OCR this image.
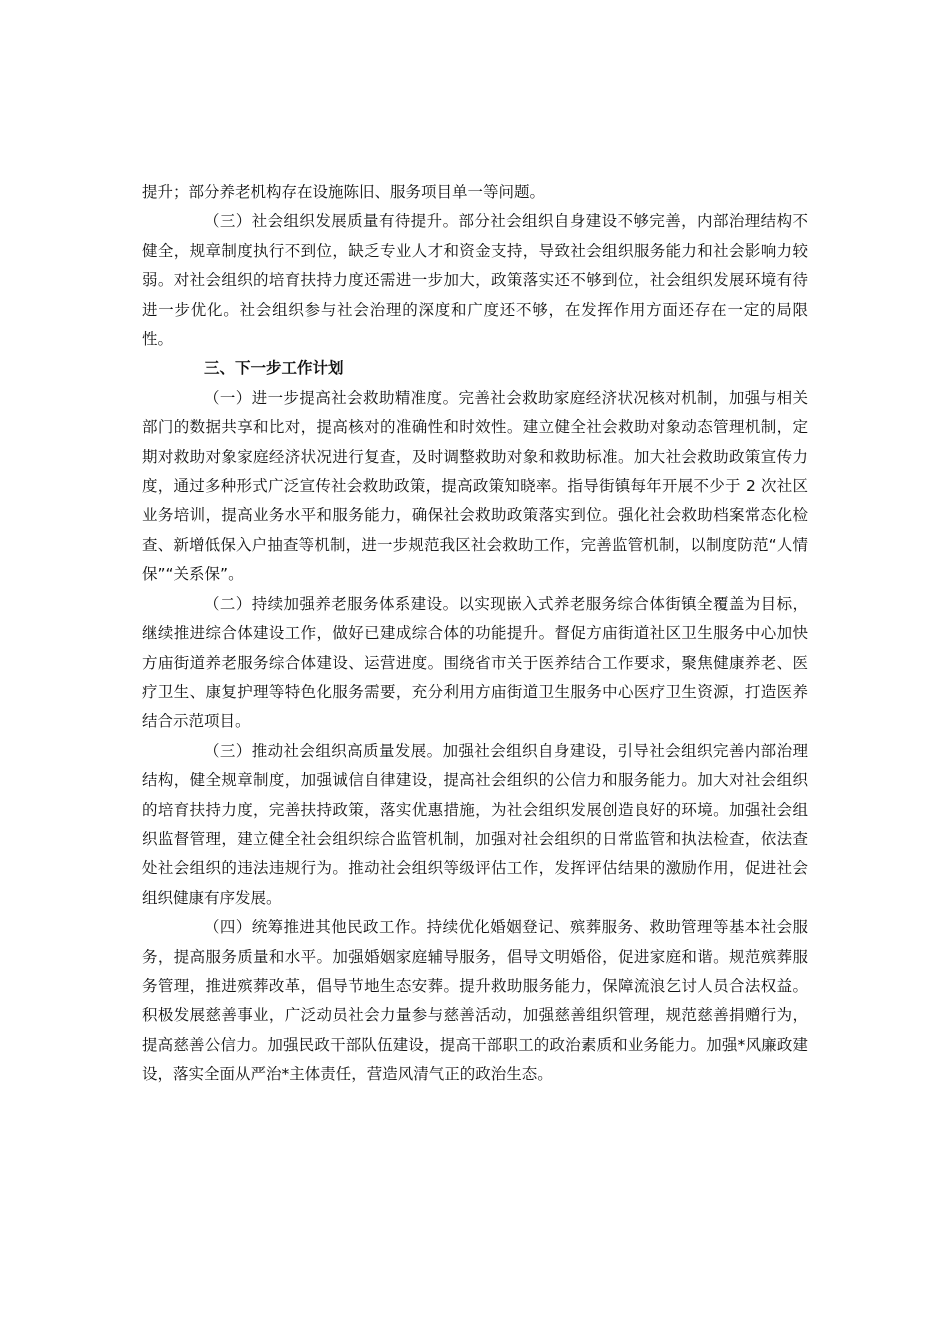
提升；部分养老机构存在设施陈旧、服务项目单一等问题。

（三）社会组织发展质量有待提升。部分社会组织自身建设不够完善，内部治理结构不健全，规章制度执行不到位，缺乏专业人才和资金支持，导致社会组织服务能力和社会影响力较弱。对社会组织的培育扶持力度还需进一步加大，政策落实还不够到位，社会组织发展环境有待进一步优化。社会组织参与社会治理的深度和广度还不够，在发挥作用方面还存在一定的局限性。

三、下一步工作计划

（一）进一步提高社会救助精准度。完善社会救助家庭经济状况核对机制，加强与相关部门的数据共享和比对，提高核对的准确性和时效性。建立健全社会救助对象动态管理机制，定期对救助对象家庭经济状况进行复查，及时调整救助对象和救助标准。加大社会救助政策宣传力度，通过多种形式广泛宣传社会救助政策，提高政策知晓率。指导街镇每年开展不少于 2 次社区业务培训，提高业务水平和服务能力，确保社会救助政策落实到位。强化社会救助档案常态化检查、新增低保入户抽查等机制，进一步规范我区社会救助工作，完善监管机制，以制度防范“人情保”“关系保”。

（二）持续加强养老服务体系建设。以实现嵌入式养老服务综合体街镇全覆盖为目标，继续推进综合体建设工作，做好已建成综合体的功能提升。督促方庙街道社区卫生服务中心加快方庙街道养老服务综合体建设、运营进度。围绕省市关于医养结合工作要求，聚焦健康养老、医疗卫生、康复护理等特色化服务需要，充分利用方庙街道卫生服务中心医疗卫生资源，打造医养结合示范项目。

（三）推动社会组织高质量发展。加强社会组织自身建设，引导社会组织完善内部治理结构，健全规章制度，加强诚信自律建设，提高社会组织的公信力和服务能力。加大对社会组织的培育扶持力度，完善扶持政策，落实优惠措施，为社会组织发展创造良好的环境。加强社会组织监督管理，建立健全社会组织综合监管机制，加强对社会组织的日常监管和执法检查，依法查处社会组织的违法违规行为。推动社会组织等级评估工作，发挥评估结果的激励作用，促进社会组织健康有序发展。

（四）统筹推进其他民政工作。持续优化婚姻登记、殡葬服务、救助管理等基本社会服务，提高服务质量和水平。加强婚姻家庭辅导服务，倡导文明婚俗，促进家庭和谐。规范殡葬服务管理，推进殡葬改革，倡导节地生态安葬。提升救助服务能力，保障流浪乞讨人员合法权益。积极发展慈善事业，广泛动员社会力量参与慈善活动，加强慈善组织管理，规范慈善捐赠行为，提高慈善公信力。加强民政干部队伍建设，提高干部职工的政治素质和业务能力。加强*风廉政建设，落实全面从严治*主体责任，营造风清气正的政治生态。
